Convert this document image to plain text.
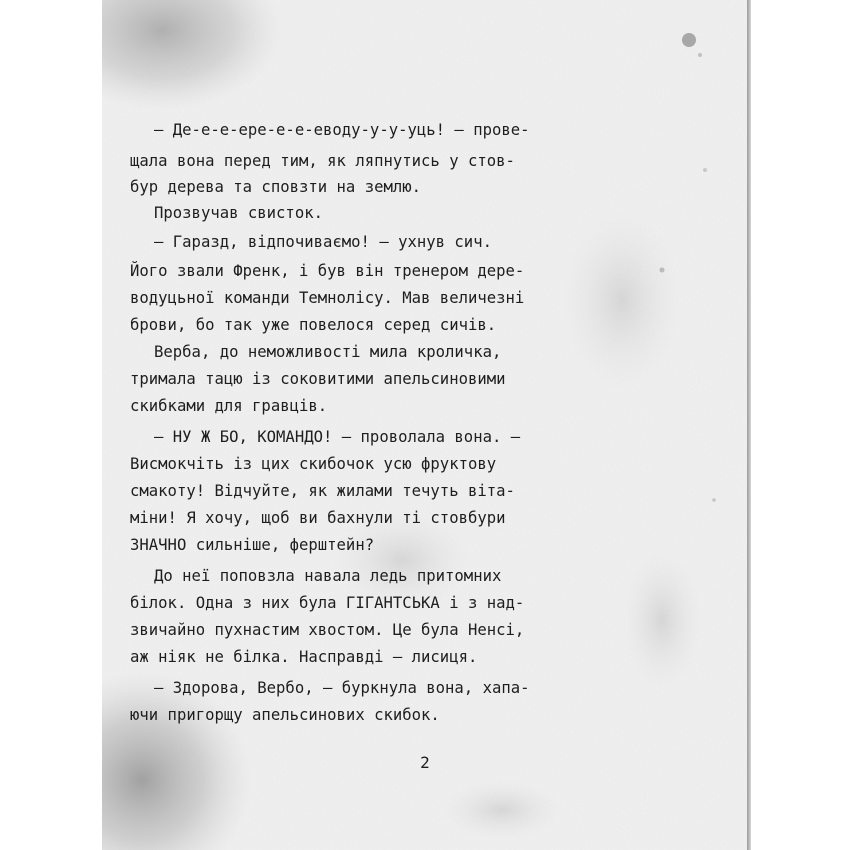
— Де-е-е-ере-е-е-еводу-у-у-уць! — прове-
щала вона перед тим, як ляпнутись у стов-
бур дерева та сповзти на землю.
Прозвучав свисток.
— Гаразд, відпочиваємо! — ухнув сич.
Його звали Френк, і був він тренером дере-
водуцьної команди Темнолісу. Мав величезні
брови, бо так уже повелося серед сичів.
Верба, до неможливості мила кроличка,
тримала тацю із соковитими апельсиновими
скибками для гравців.
— НУ Ж БО, КОМАНДО! — проволала вона. —
Висмокчіть із цих скибочок усю фруктову
смакоту! Відчуйте, як жилами течуть віта-
міни! Я хочу, щоб ви бахнули ті стовбури
ЗНАЧНО сильніше, ферштейн?
До неї поповзла навала ледь притомних
білок. Одна з них була ГІГАНТСЬКА і з над-
звичайно пухнастим хвостом. Це була Ненсі,
аж ніяк не білка. Насправді — лисиця.
— Здорова, Вербо, — буркнула вона, хапа-
ючи пригорщу апельсинових скибок.
2
